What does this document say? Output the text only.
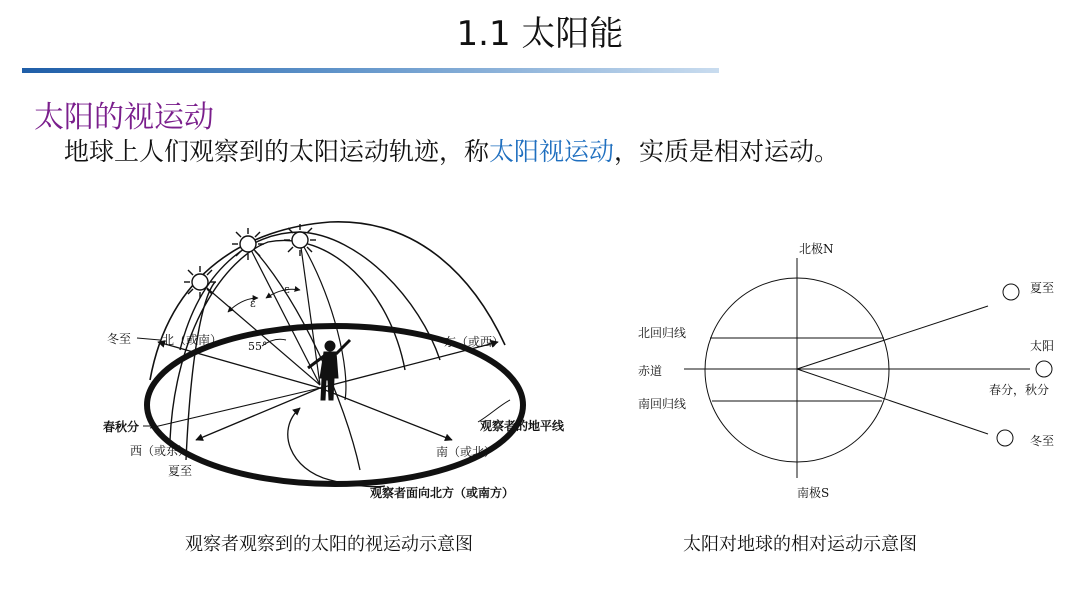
1.1 太阳能
太阳的视运动
地球上人们观察到的太阳运动轨迹，称太阳视运动，实质是相对运动。
冬至	北（或南）	东（或西）
55°
ε
ε
春秋分
西（或东）
夏至
南（或北）
观察者的地平线
观察者面向北方（或南方）
北极N
南极S
北回归线
赤道
南回归线
夏至
太阳
春分，秋分
冬至
观察者观察到的太阳的视运动示意图	太阳对地球的相对运动示意图
